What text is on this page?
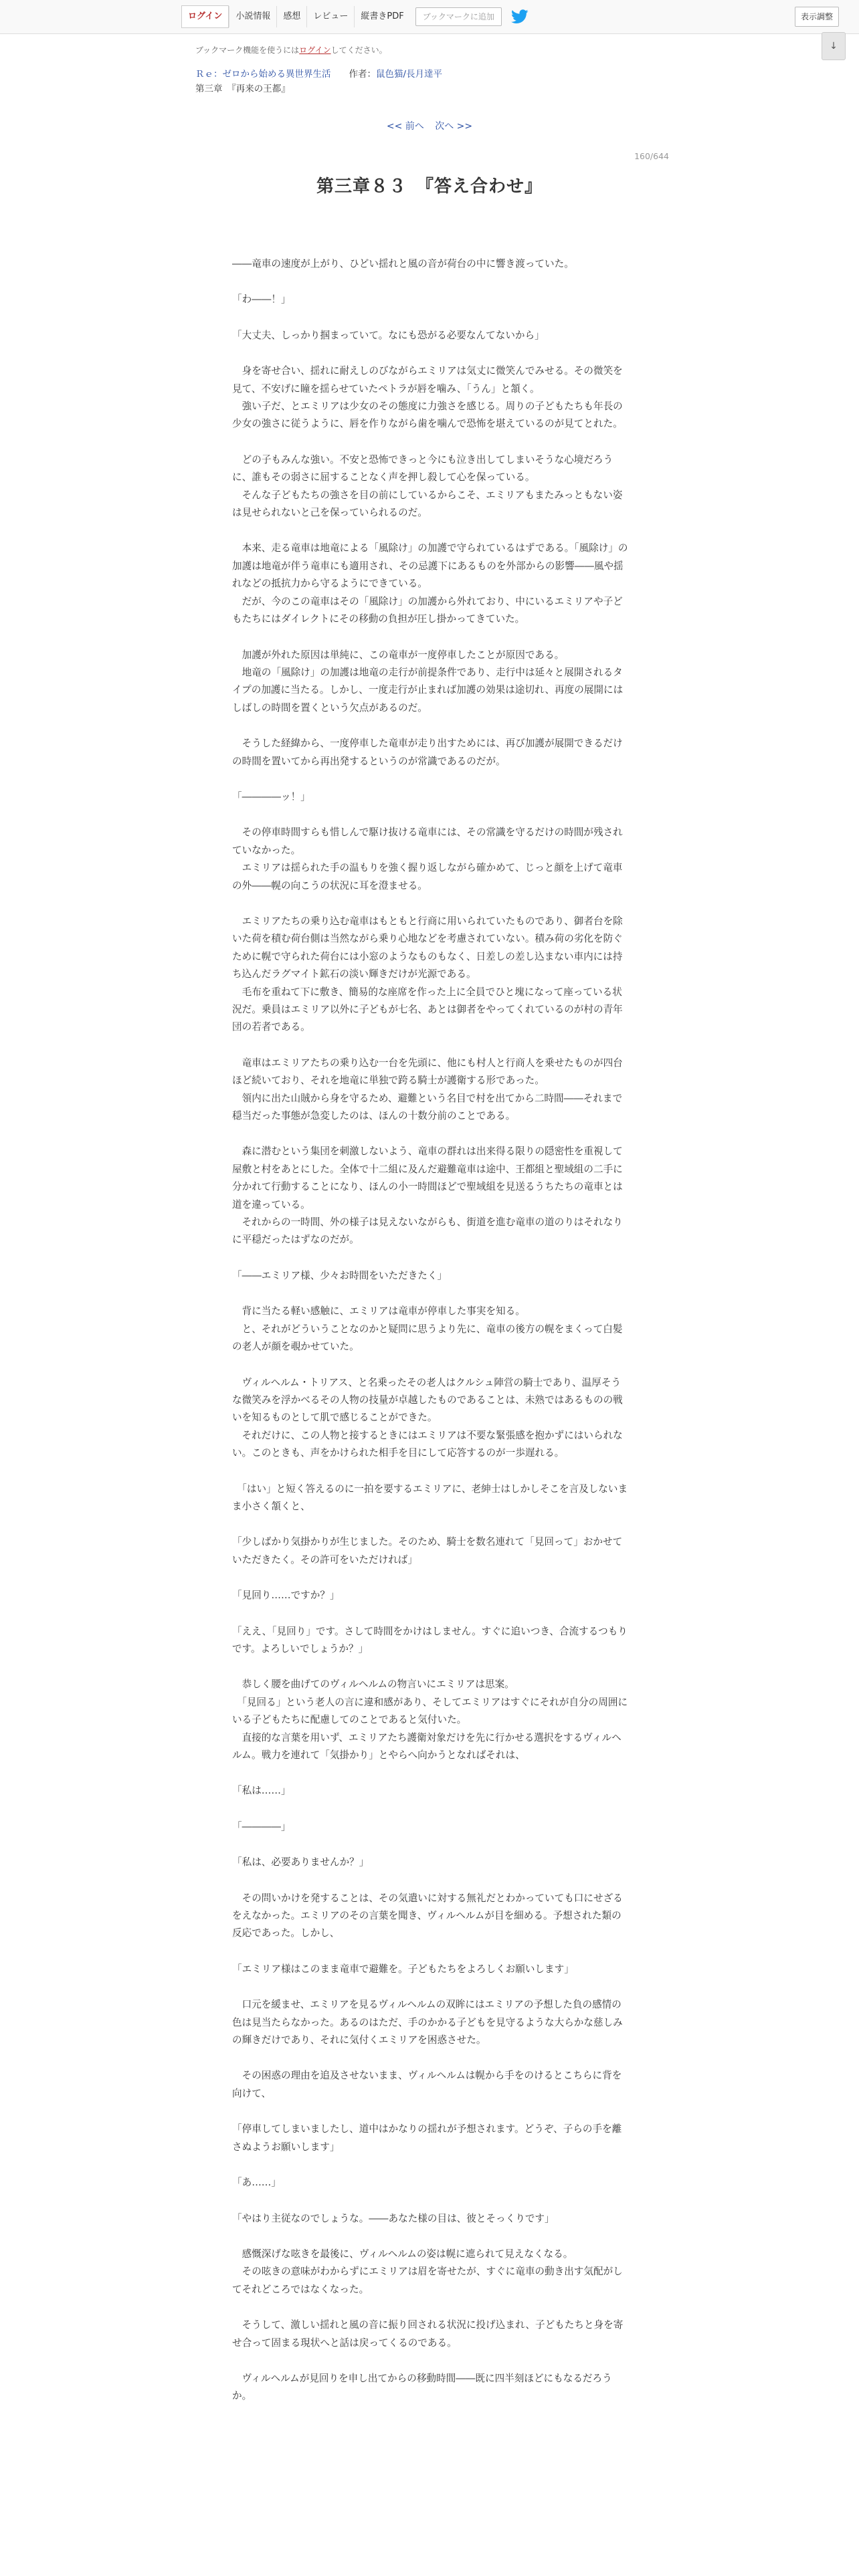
ログイン	小説情報	感想	レビュー	縦書きPDF	ブックマークに追加	表示調整
↓
ブックマーク機能を使うにはログインしてください。
Ｒｅ：ゼロから始める異世界生活　　 作者：鼠色猫/長月達平
第三章　『再来の王都』
<< 前へ 次へ >>
160/644
第三章８３　『答え合わせ』
――竜車の速度が上がり、ひどい揺れと風の音が荷台の中に響き渡っていた。
「わ――！」
「大丈夫、しっかり掴まっていて。なにも恐がる必要なんてないから」
　身を寄せ合い、揺れに耐えしのびながらエミリアは気丈に微笑んでみせる。その微笑を見て、不安げに瞳を揺らせていたペトラが唇を噛み、「うん」と頷く。
　強い子だ、とエミリアは少女のその態度に力強さを感じる。周りの子どもたちも年長の少女の強さに従うように、唇を作りながら歯を噛んで恐怖を堪えているのが見てとれた。
　どの子もみんな強い。不安と恐怖できっと今にも泣き出してしまいそうな心境だろうに、誰もその弱さに屈することなく声を押し殺して心を保っている。
　そんな子どもたちの強さを目の前にしているからこそ、エミリアもまたみっともない姿は見せられないと己を保っていられるのだ。
　本来、走る竜車は地竜による「風除け」の加護で守られているはずである。「風除け」の加護は地竜が伴う竜車にも適用され、その忌護下にあるものを外部からの影響――風や揺れなどの抵抗力から守るようにできている。
　だが、今のこの竜車はその「風除け」の加護から外れており、中にいるエミリアや子どもたちにはダイレクトにその移動の負担が圧し掛かってきていた。
　加護が外れた原因は単純に、この竜車が一度停車したことが原因である。
　地竜の「風除け」の加護は地竜の走行が前提条件であり、走行中は延々と展開されるタイプの加護に当たる。しかし、一度走行が止まれば加護の効果は途切れ、再度の展開にはしばしの時間を置くという欠点があるのだ。
　そうした経緯から、一度停車した竜車が走り出すためには、再び加護が展開できるだけの時間を置いてから再出発するというのが常識であるのだが。
「――――ッ！」
　その停車時間すらも惜しんで駆け抜ける竜車には、その常識を守るだけの時間が残されていなかった。
　エミリアは揺られた手の温もりを強く握り返しながら確かめて、じっと顔を上げて竜車の外――幌の向こうの状況に耳を澄ませる。
　エミリアたちの乗り込む竜車はもともと行商に用いられていたものであり、御者台を除いた荷を積む荷台側は当然ながら乗り心地などを考慮されていない。積み荷の劣化を防ぐために幌で守られた荷台には小窓のようなものもなく、日差しの差し込まない車内には持ち込んだラグマイト鉱石の淡い輝きだけが光源である。
　毛布を重ねて下に敷き、簡易的な座席を作った上に全員でひと塊になって座っている状況だ。乗員はエミリア以外に子どもが七名、あとは御者をやってくれているのが村の青年団の若者である。
　竜車はエミリアたちの乗り込む一台を先頭に、他にも村人と行商人を乗せたものが四台ほど続いており、それを地竜に単独で跨る騎士が護衛する形であった。
　領内に出た山賊から身を守るため、避難という名目で村を出てから二時間――それまで穏当だった事態が急変したのは、ほんの十数分前のことである。
　森に潜むという集団を刺激しないよう、竜車の群れは出来得る限りの隠密性を重視して屋敷と村をあとにした。全体で十二組に及んだ避難竜車は途中、王都組と聖域組の二手に分かれて行動することになり、ほんの小一時間ほどで聖域組を見送るうちたちの竜車とは道を違っている。
　それからの一時間、外の様子は見えないながらも、街道を進む竜車の道のりはそれなりに平穏だったはずなのだが。
「――エミリア様、少々お時間をいただきたく」
　背に当たる軽い感触に、エミリアは竜車が停車した事実を知る。
　と、それがどういうことなのかと疑問に思うより先に、竜車の後方の幌をまくって白髪の老人が顔を覗かせていた。
　ヴィルヘルム・トリアス、と名乗ったその老人はクルシュ陣営の騎士であり、温厚そうな微笑みを浮かべるその人物の技量が卓越したものであることは、未熟ではあるものの戦いを知るものとして肌で感じることができた。
　それだけに、この人物と接するときにはエミリアは不要な緊張感を抱かずにはいられない。このときも、声をかけられた相手を目にして応答するのが一歩遅れる。
　「はい」と短く答えるのに一拍を要するエミリアに、老紳士はしかしそこを言及しないまま小さく頷くと、
「少しばかり気掛かりが生じました。そのため、騎士を数名連れて「見回って」おかせていただきたく。その許可をいただければ」
「見回り……ですか？」
「ええ、「見回り」です。さして時間をかけはしません。すぐに追いつき、合流するつもりです。よろしいでしょうか？」
　恭しく腰を曲げてのヴィルヘルムの物言いにエミリアは思案。
　「見回る」という老人の言に違和感があり、そしてエミリアはすぐにそれが自分の周囲にいる子どもたちに配慮してのことであると気付いた。
　直接的な言葉を用いず、エミリアたち護衛対象だけを先に行かせる選択をするヴィルヘルム。戦力を連れて「気掛かり」とやらへ向かうとなればそれは、
「私は……」
「――――」
「私は、必要ありませんか？」
　その問いかけを発することは、その気遣いに対する無礼だとわかっていても口にせざるをえなかった。エミリアのその言葉を聞き、ヴィルヘルムが目を細める。予想された類の反応であった。しかし、
「エミリア様はこのまま竜車で避難を。子どもたちをよろしくお願いします」
　口元を緩ませ、エミリアを見るヴィルヘルムの双眸にはエミリアの予想した負の感情の色は見当たらなかった。あるのはただ、手のかかる子どもを見守るような大らかな慈しみの輝きだけであり、それに気付くエミリアを困惑させた。
　その困惑の理由を追及させないまま、ヴィルヘルムは幌から手をのけるとこちらに背を向けて、
「停車してしまいましたし、道中はかなりの揺れが予想されます。どうぞ、子らの手を離さぬようお願いします」
「あ……」
「やはり主従なのでしょうな。――あなた様の目は、彼とそっくりです」
　感慨深げな呟きを最後に、ヴィルヘルムの姿は幌に遮られて見えなくなる。
　その呟きの意味がわからずにエミリアは眉を寄せたが、すぐに竜車の動き出す気配がしてそれどころではなくなった。
　そうして、激しい揺れと風の音に振り回される状況に投げ込まれ、子どもたちと身を寄せ合って固まる現状へと話は戻ってくるのである。
　ヴィルヘルムが見回りを申し出てからの移動時間――既に四半刻ほどにもなるだろうか。
